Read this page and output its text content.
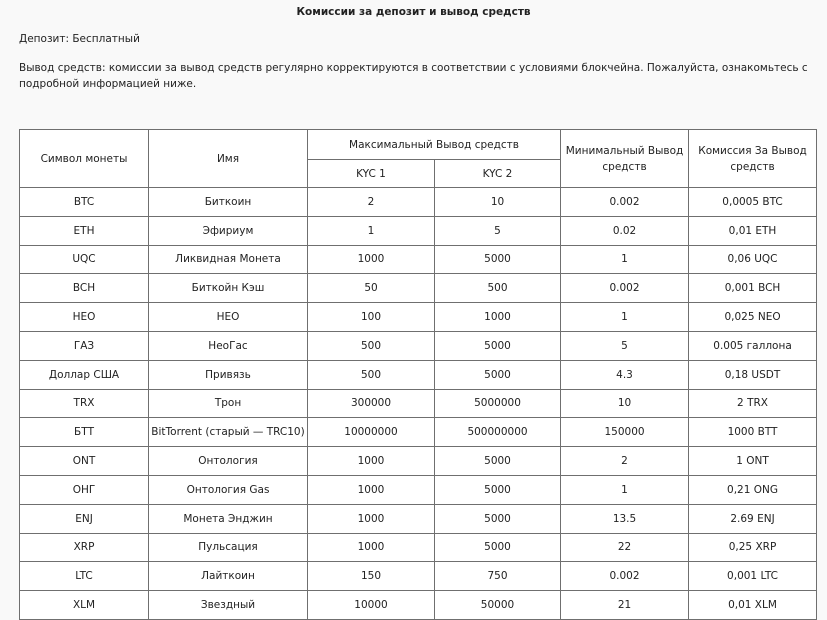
Комиссии за депозит и вывод средств
Депозит: Бесплатный
Вывод средств: комиссии за вывод средств регулярно корректируются в соответствии с условиями блокчейна. Пожалуйста, ознакомьтесь с подробной информацией ниже.
Символ монеты	Имя	Максимальный Вывод средств		Минимальный Вывод средств	Комиссия За Вывод средств
		KYC 1	KYC 2		
BTC	Биткоин	2	10	0.002	0,0005 BTC
ETH	Эфириум	1	5	0.02	0,01 ETH
UQC	Ликвидная Монета	1000	5000	1	0,06 UQC
BCH	Биткойн Кэш	50	500	0.002	0,001 BCH
НЕО	НЕО	100	1000	1	0,025 NEO
ГАЗ	НеоГас	500	5000	5	0.005 галлона
Доллар США	Привязь	500	5000	4.3	0,18 USDT
TRX	Трон	300000	5000000	10	2 TRX
БТТ	BitTorrent (старый — TRC10)	10000000	500000000	150000	1000 BTT
ONT	Онтология	1000	5000	2	1 ONT
ОНГ	Онтология Gas	1000	5000	1	0,21 ONG
ENJ	Монета Энджин	1000	5000	13.5	2.69 ENJ
XRP	Пульсация	1000	5000	22	0,25 XRP
LTC	Лайткоин	150	750	0.002	0,001 LTC
XLM	Звездный	10000	50000	21	0,01 XLM
